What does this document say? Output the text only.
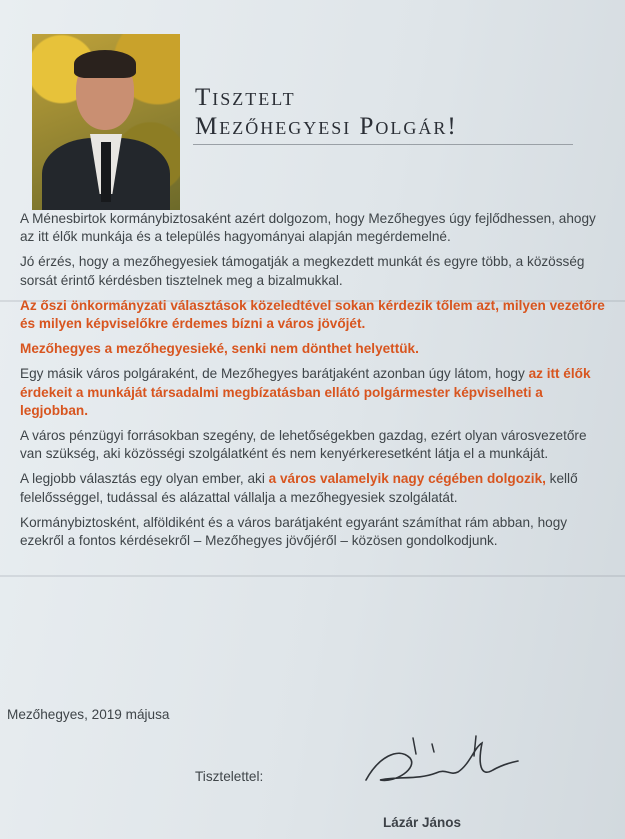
Tisztelt
Mezőhegyesi Polgár!

A Ménesbirtok kormánybiztosaként azért dolgozom, hogy Mezőhegyes úgy fejlődhessen, ahogy az itt élők munkája és a település hagyományai alapján megérdemelné.

Jó érzés, hogy a mezőhegyesiek támogatják a megkezdett munkát és egyre több, a közösség sorsát érintő kérdésben tisztelnek meg a bizalmukkal.

Az őszi önkormányzati választások közeledtével sokan kérdezik tőlem azt, milyen vezetőre és milyen képviselőkre érdemes bízni a város jövőjét.

Mezőhegyes a mezőhegyesieké, senki nem dönthet helyettük.

Egy másik város polgáraként, de Mezőhegyes barátjaként azonban úgy látom, hogy az itt élők érdekeit a munkáját társadalmi megbízatásban ellátó polgármester képviselheti a legjobban.

A város pénzügyi forrásokban szegény, de lehetőségekben gazdag, ezért olyan városvezetőre van szükség, aki közösségi szolgálatként és nem kenyérkeresetként látja el a munkáját.

A legjobb választás egy olyan ember, aki a város valamelyik nagy cégében dolgozik, kellő felelősséggel, tudással és alázattal vállalja a mezőhegyesiek szolgálatát.

Kormánybiztosként, alföldiként és a város barátjaként egyaránt számíthat rám abban, hogy ezekről a fontos kérdésekről – Mezőhegyes jövőjéről – közösen gondolkodjunk.

Mezőhegyes, 2019 májusa

Tisztelettel:

Lázár János
